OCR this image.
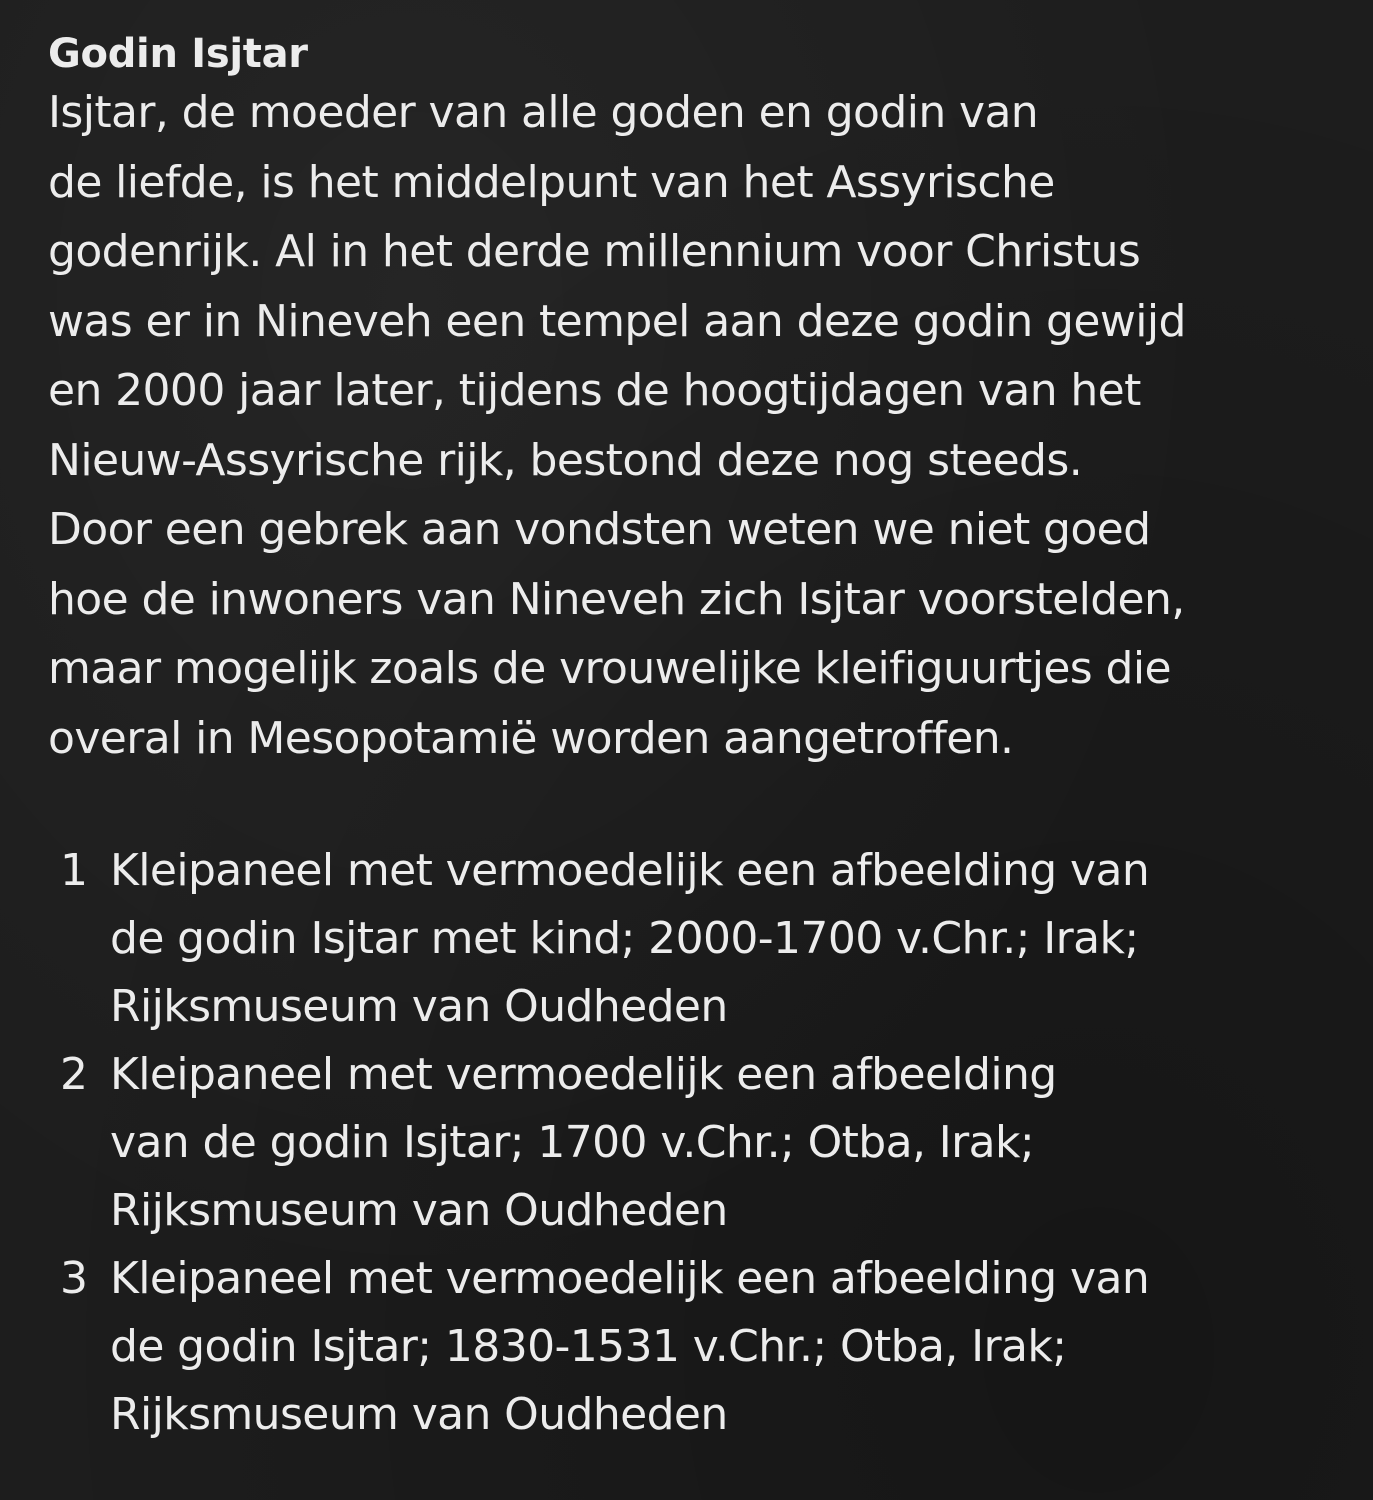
Godin Isjtar
Isjtar, de moeder van alle goden en godin van
de liefde, is het middelpunt van het Assyrische
godenrijk. Al in het derde millennium voor Christus
was er in Nineveh een tempel aan deze godin gewijd
en 2000 jaar later, tijdens de hoogtijdagen van het
Nieuw-Assyrische rijk, bestond deze nog steeds.
Door een gebrek aan vondsten weten we niet goed
hoe de inwoners van Nineveh zich Isjtar voorstelden,
maar mogelijk zoals de vrouwelijke kleifiguurtjes die
overal in Mesopotamië worden aangetroffen.
1 Kleipaneel met vermoedelijk een afbeelding van
de godin Isjtar met kind; 2000-1700 v.Chr.; Irak;
Rijksmuseum van Oudheden
2 Kleipaneel met vermoedelijk een afbeelding
van de godin Isjtar; 1700 v.Chr.; Otba, Irak;
Rijksmuseum van Oudheden
3 Kleipaneel met vermoedelijk een afbeelding van
de godin Isjtar; 1830-1531 v.Chr.; Otba, Irak;
Rijksmuseum van Oudheden
